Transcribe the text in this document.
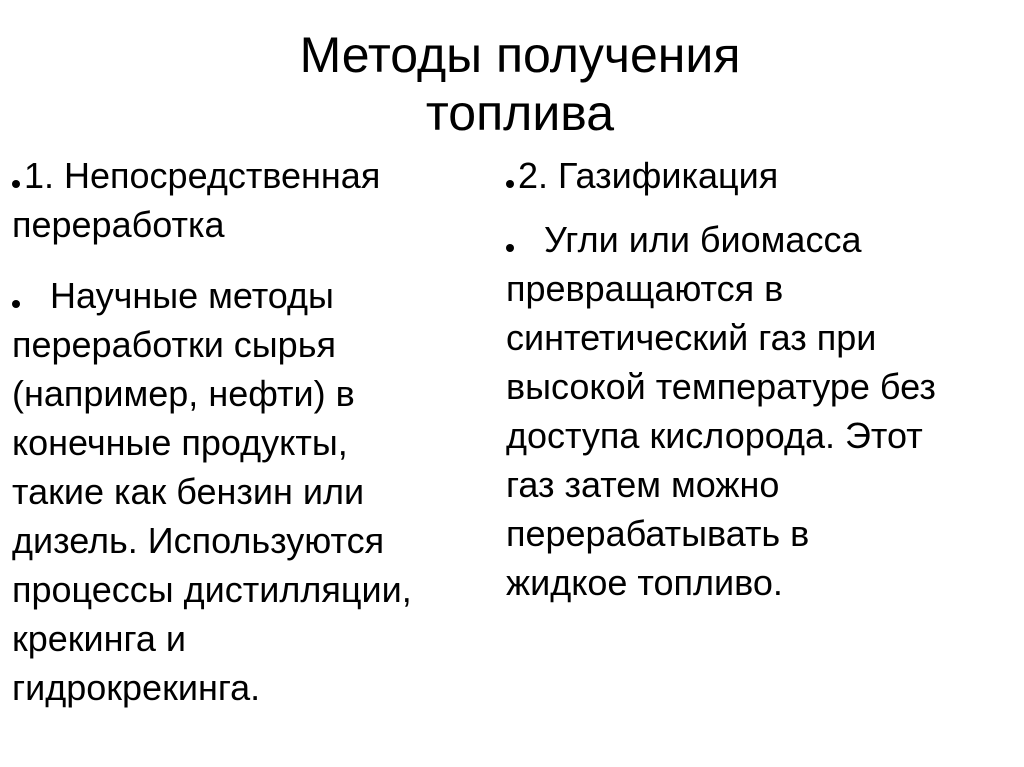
Методы получения
топлива
1. Непосредственная
переработка
Научные методы
переработки сырья
(например, нефти) в
конечные продукты,
такие как бензин или
дизель. Используются
процессы дистилляции,
крекинга и
гидрокрекинга.
2. Газификация
Угли или биомасса
превращаются в
синтетический газ при
высокой температуре без
доступа кислорода. Этот
газ затем можно
перерабатывать в
жидкое топливо.
